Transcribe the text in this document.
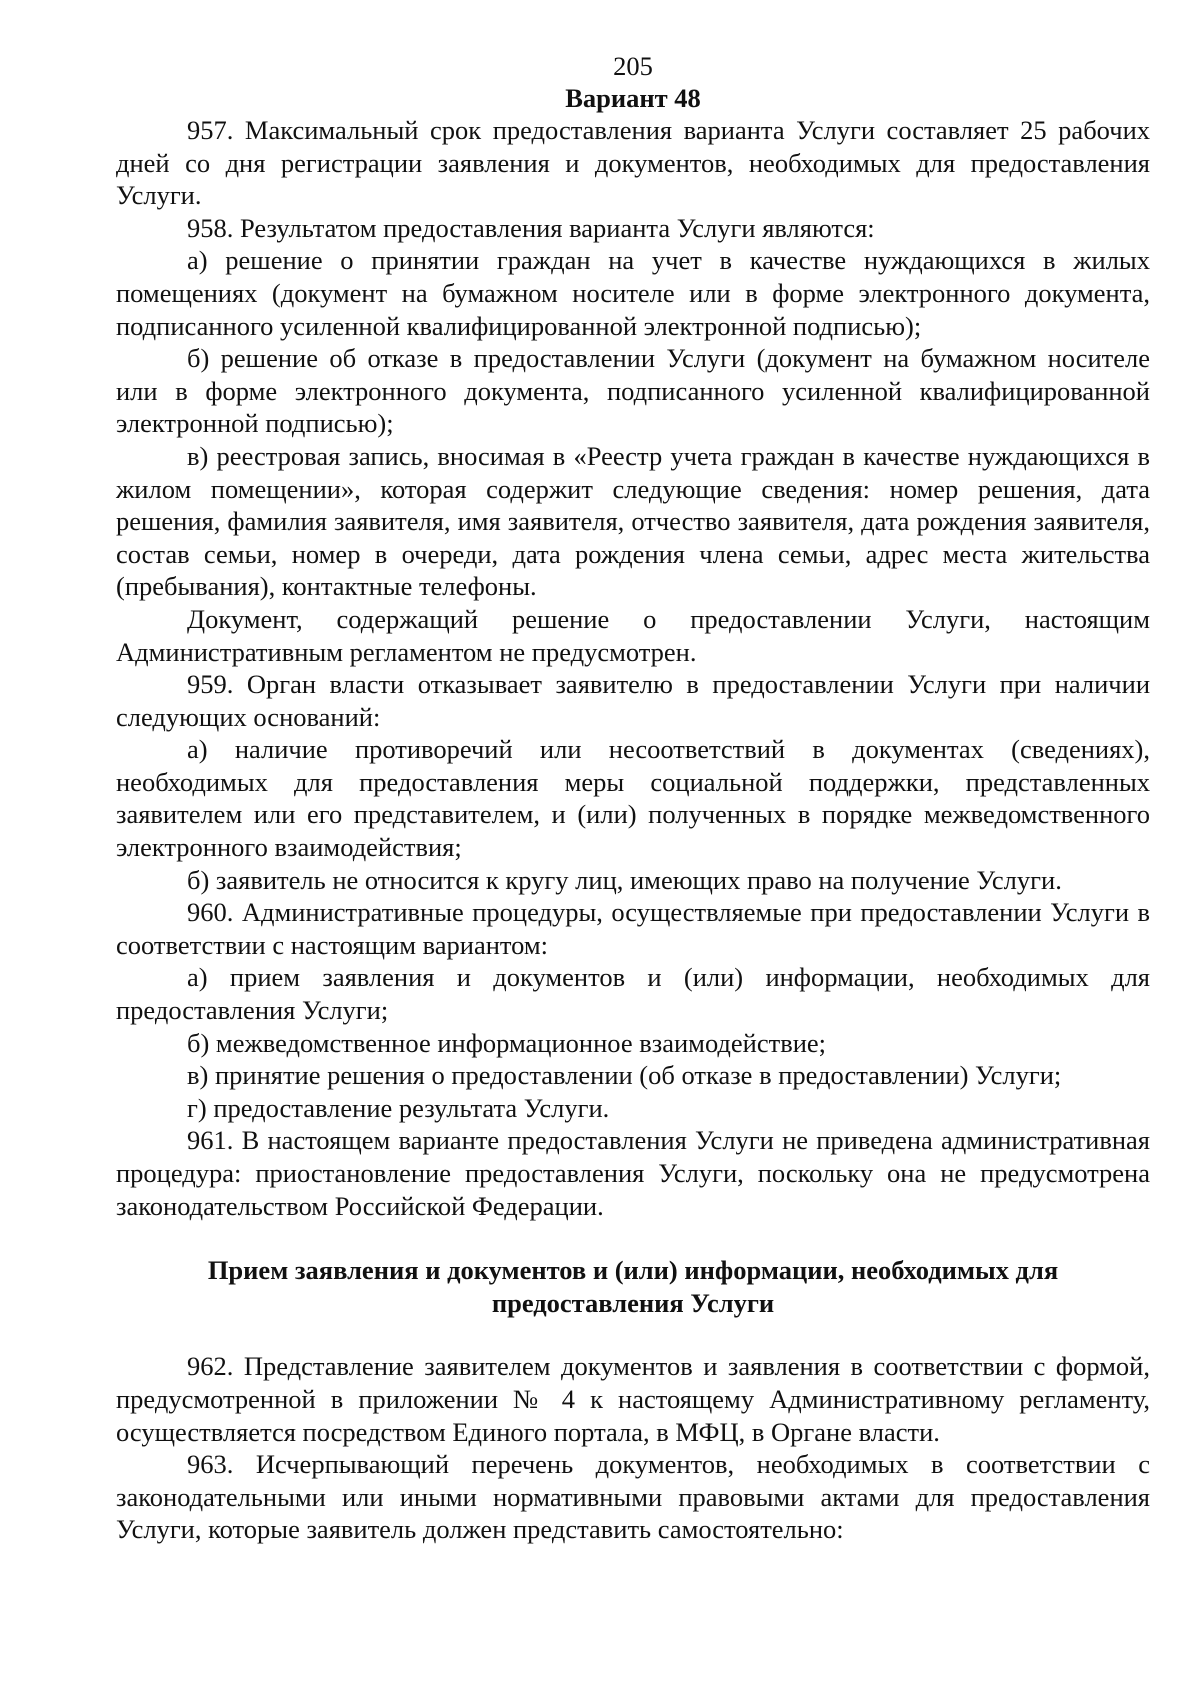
205

Вариант 48

957. Максимальный срок предоставления варианта Услуги составляет 25 рабочих дней со дня регистрации заявления и документов, необходимых для предоставления Услуги.

958. Результатом предоставления варианта Услуги являются:

а) решение о принятии граждан на учет в качестве нуждающихся в жилых помещениях (документ на бумажном носителе или в форме электронного документа, подписанного усиленной квалифицированной электронной подписью);

б) решение об отказе в предоставлении Услуги (документ на бумажном носителе или в форме электронного документа, подписанного усиленной квалифицированной электронной подписью);

в) реестровая запись, вносимая в «Реестр учета граждан в качестве нуждающихся в жилом помещении», которая содержит следующие сведения: номер решения, дата решения, фамилия заявителя, имя заявителя, отчество заявителя, дата рождения заявителя, состав семьи, номер в очереди, дата рождения члена семьи, адрес места жительства (пребывания), контактные телефоны.

Документ, содержащий решение о предоставлении Услуги, настоящим Административным регламентом не предусмотрен.

959. Орган власти отказывает заявителю в предоставлении Услуги при наличии следующих оснований:

а) наличие противоречий или несоответствий в документах (сведениях), необходимых для предоставления меры социальной поддержки, представленных заявителем или его представителем, и (или) полученных в порядке межведомственного электронного взаимодействия;

б) заявитель не относится к кругу лиц, имеющих право на получение Услуги.

960. Административные процедуры, осуществляемые при предоставлении Услуги в соответствии с настоящим вариантом:

а) прием заявления и документов и (или) информации, необходимых для предоставления Услуги;

б) межведомственное информационное взаимодействие;

в) принятие решения о предоставлении (об отказе в предоставлении) Услуги;

г) предоставление результата Услуги.

961. В настоящем варианте предоставления Услуги не приведена административная процедура: приостановление предоставления Услуги, поскольку она не предусмотрена законодательством Российской Федерации.

Прием заявления и документов и (или) информации, необходимых для предоставления Услуги

962. Представление заявителем документов и заявления в соответствии с формой, предусмотренной в приложении № 4 к настоящему Административному регламенту, осуществляется посредством Единого портала, в МФЦ, в Органе власти.

963. Исчерпывающий перечень документов, необходимых в соответствии с законодательными или иными нормативными правовыми актами для предоставления Услуги, которые заявитель должен представить самостоятельно:
